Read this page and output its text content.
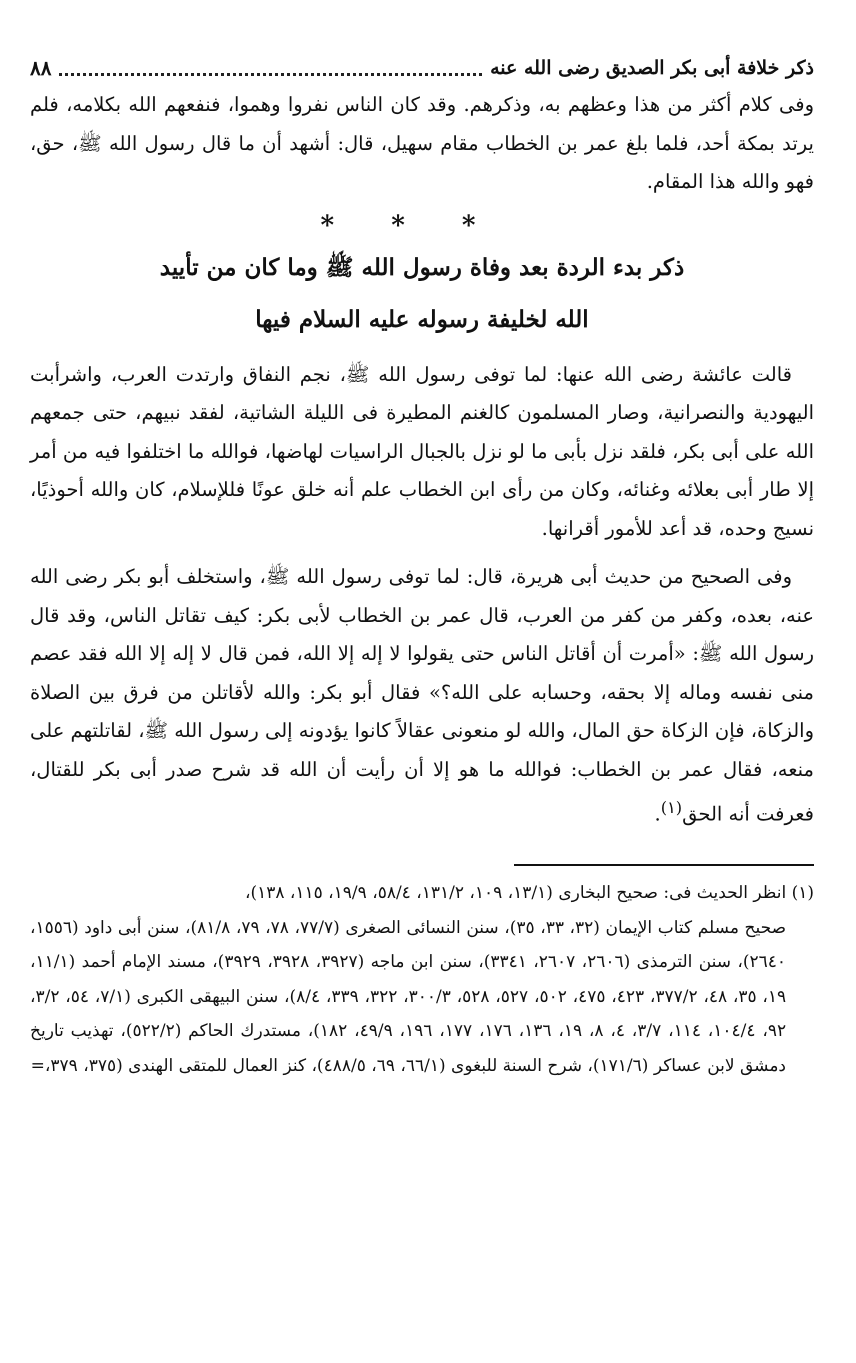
ذكر خلافة أبى بكر الصديق رضى الله عنه
٨٨

وفى كلام أكثر من هذا وعظهم به، وذكرهم. وقد كان الناس نفروا وهموا، فنفعهم الله بكلامه، فلم يرتد بمكة أحد، فلما بلغ عمر بن الخطاب مقام سهيل، قال: أشهد أن ما قال رسول الله ﷺ، حق، فهو والله هذا المقام.

* * *
ذكر بدء الردة بعد وفاة رسول الله ﷺ وما كان من تأييد
الله لخليفة رسوله عليه السلام فيها

قالت عائشة رضى الله عنها: لما توفى رسول الله ﷺ، نجم النفاق وارتدت العرب، واشرأبت اليهودية والنصرانية، وصار المسلمون كالغنم المطيرة فى الليلة الشاتية، لفقد نبيهم، حتى جمعهم الله على أبى بكر، فلقد نزل بأبى ما لو نزل بالجبال الراسيات لهاضها، فوالله ما اختلفوا فيه من أمر إلا طار أبى بعلائه وغنائه، وكان من رأى ابن الخطاب علم أنه خلق عونًا فللإسلام، كان والله أحوذيًا، نسيج وحده، قد أعد للأمور أقرانها.

وفى الصحيح من حديث أبى هريرة، قال: لما توفى رسول الله ﷺ، واستخلف أبو بكر رضى الله عنه، بعده، وكفر من كفر من العرب، قال عمر بن الخطاب لأبى بكر: كيف تقاتل الناس، وقد قال رسول الله ﷺ: «أمرت أن أقاتل الناس حتى يقولوا لا إله إلا الله، فمن قال لا إله إلا الله فقد عصم منى نفسه وماله إلا بحقه، وحسابه على الله؟» فقال أبو بكر: والله لأقاتلن من فرق بين الصلاة والزكاة، فإن الزكاة حق المال، والله لو منعونى عقالاً كانوا يؤدونه إلى رسول الله ﷺ، لقاتلتهم على منعه، فقال عمر بن الخطاب: فوالله ما هو إلا أن رأيت أن الله قد شرح صدر أبى بكر للقتال، فعرفت أنه الحق$^{(١)}$.

(١) انظر الحديث فى: صحيح البخارى (١٣/١، ١٠٩، ١٣١/٢، ٥٨/٤، ١٩/٩، ١١٥، ١٣٨)،

صحيح مسلم كتاب الإيمان (٣٢، ٣٣، ٣٥)، سنن النسائى الصغرى (٧٧/٧، ٧٨، ٧٩، ٨١/٨)، سنن أبى داود (١٥٥٦، ٢٦٤٠)، سنن الترمذى (٢٦٠٦، ٢٦٠٧، ٣٣٤١)، سنن ابن ماجه (٣٩٢٧، ٣٩٢٨، ٣٩٢٩)، مسند الإمام أحمد (١١/١، ١٩، ٣٥، ٤٨، ٣٧٧/٢، ٤٢٣، ٤٧٥، ٥٠٢، ٥٢٧، ٥٢٨، ٣٠٠/٣، ٣٢٢، ٣٣٩، ٨/٤)، سنن البيهقى الكبرى (٧/١، ٥٤، ٣/٢، ٩٢، ١٠٤/٤، ١١٤، ٣/٧، ٤، ٨، ١٩، ١٣٦، ١٧٦، ١٧٧، ١٩٦، ٤٩/٩، ١٨٢)، مستدرك الحاكم (٥٢٢/٢)، تهذيب تاريخ دمشق لابن عساكر (١٧١/٦)، شرح السنة للبغوى (٦٦/١، ٦٩، ٤٨٨/٥)، كنز العمال للمتقى الهندى (٣٧٥، ٣٧٩،=
